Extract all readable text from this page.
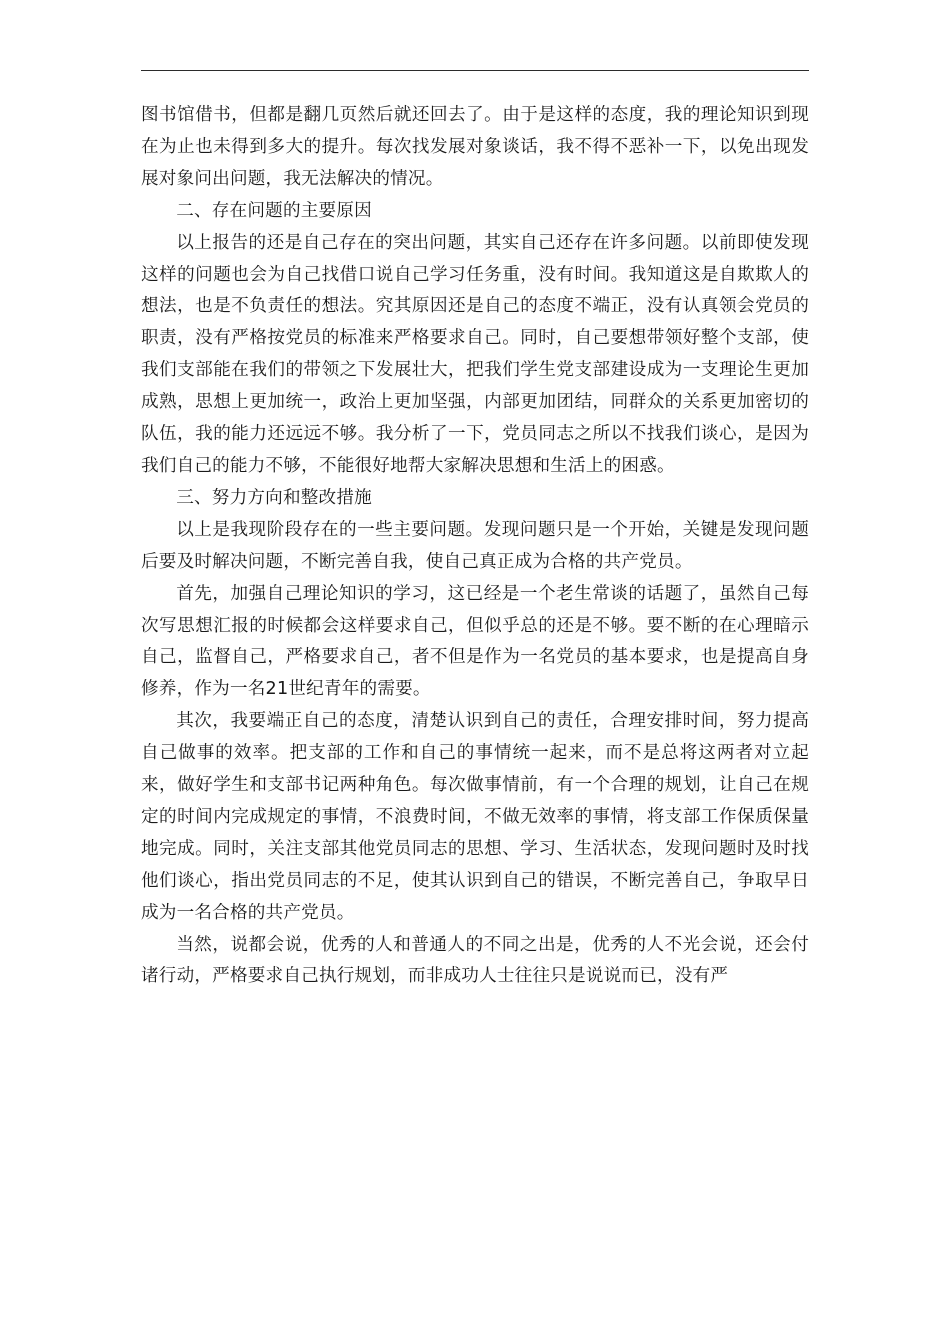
图书馆借书，但都是翻几页然后就还回去了。由于是这样的态度，我的理论知识到现在为止也未得到多大的提升。每次找发展对象谈话，我不得不恶补一下，以免出现发展对象问出问题，我无法解决的情况。

二、存在问题的主要原因

以上报告的还是自己存在的突出问题，其实自己还存在许多问题。以前即使发现这样的问题也会为自己找借口说自己学习任务重，没有时间。我知道这是自欺欺人的想法，也是不负责任的想法。究其原因还是自己的态度不端正，没有认真领会党员的职责，没有严格按党员的标准来严格要求自己。同时，自己要想带领好整个支部，使我们支部能在我们的带领之下发展壮大，把我们学生党支部建设成为一支理论生更加成熟，思想上更加统一，政治上更加坚强，内部更加团结，同群众的关系更加密切的队伍，我的能力还远远不够。我分析了一下，党员同志之所以不找我们谈心，是因为我们自己的能力不够，不能很好地帮大家解决思想和生活上的困惑。

三、努力方向和整改措施

以上是我现阶段存在的一些主要问题。发现问题只是一个开始，关键是发现问题后要及时解决问题，不断完善自我，使自己真正成为合格的共产党员。

首先，加强自己理论知识的学习，这已经是一个老生常谈的话题了，虽然自己每次写思想汇报的时候都会这样要求自己，但似乎总的还是不够。要不断的在心理暗示自己，监督自己，严格要求自己，者不但是作为一名党员的基本要求，也是提高自身修养，作为一名21世纪青年的需要。

其次，我要端正自己的态度，清楚认识到自己的责任，合理安排时间，努力提高自己做事的效率。把支部的工作和自己的事情统一起来，而不是总将这两者对立起来，做好学生和支部书记两种角色。每次做事情前，有一个合理的规划，让自己在规定的时间内完成规定的事情，不浪费时间，不做无效率的事情，将支部工作保质保量地完成。同时，关注支部其他党员同志的思想、学习、生活状态，发现问题时及时找他们谈心，指出党员同志的不足，使其认识到自己的错误，不断完善自己，争取早日成为一名合格的共产党员。

当然，说都会说，优秀的人和普通人的不同之出是，优秀的人不光会说，还会付诸行动，严格要求自己执行规划，而非成功人士往往只是说说而已，没有严
